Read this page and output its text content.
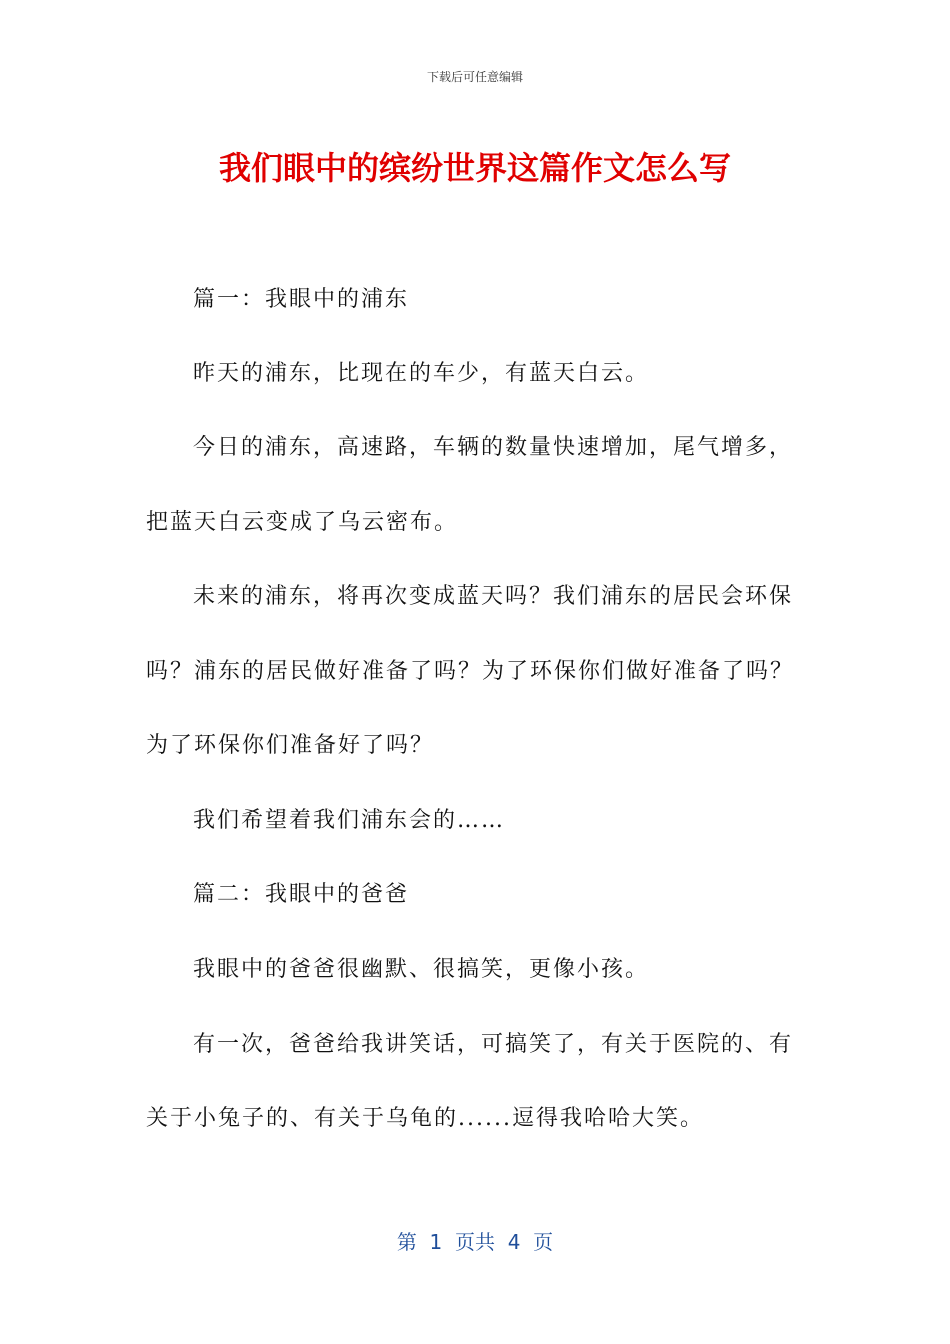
下载后可任意编辑
我们眼中的缤纷世界这篇作文怎么写
篇一：我眼中的浦东
昨天的浦东，比现在的车少，有蓝天白云。
今日的浦东，高速路，车辆的数量快速增加，尾气增多，
把蓝天白云变成了乌云密布。
未来的浦东，将再次变成蓝天吗？我们浦东的居民会环保
吗？浦东的居民做好准备了吗？为了环保你们做好准备了吗？
为了环保你们准备好了吗？
我们希望着我们浦东会的……
篇二：我眼中的爸爸
我眼中的爸爸很幽默、很搞笑，更像小孩。
有一次，爸爸给我讲笑话，可搞笑了，有关于医院的、有
关于小兔子的、有关于乌龟的......逗得我哈哈大笑。
第  1  页共  4  页
